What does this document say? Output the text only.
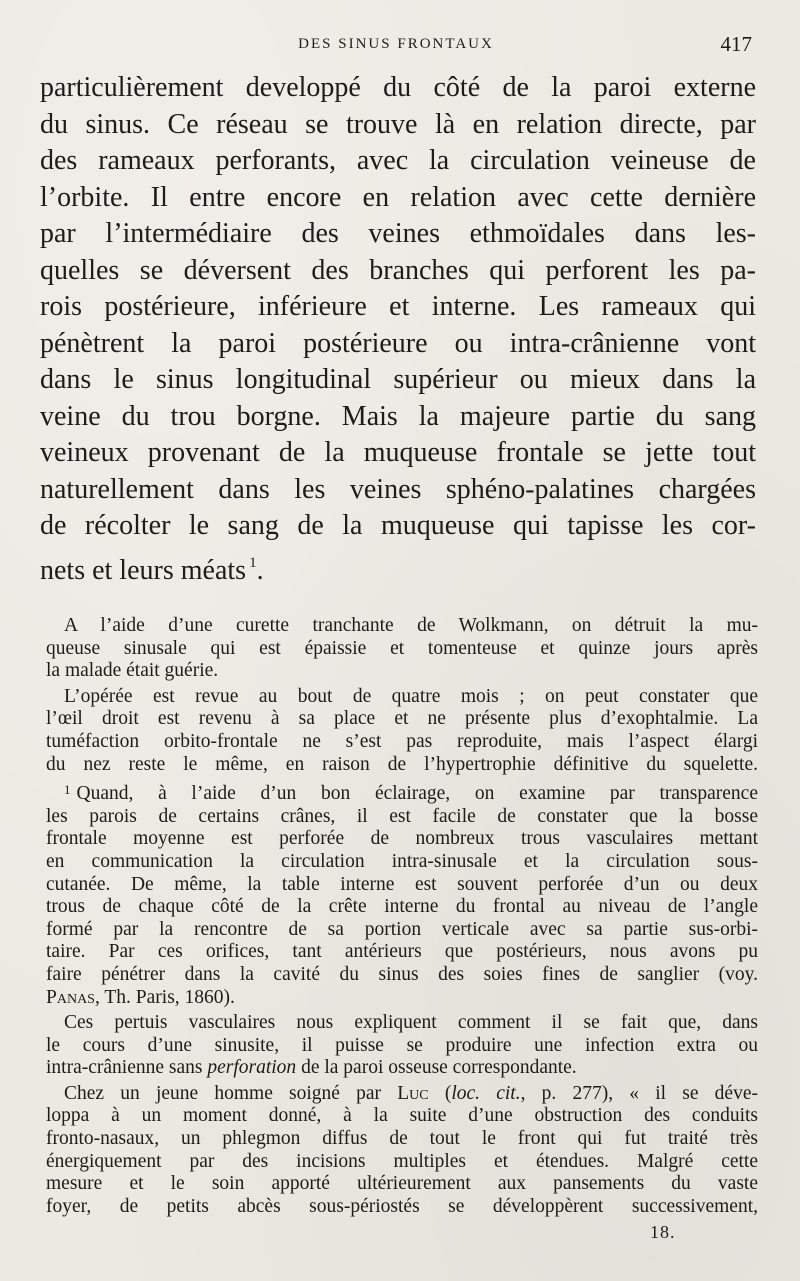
DES SINUS FRONTAUX	417
particulièrement developpé du côté de la paroi externe
du sinus. Ce réseau se trouve là en relation directe, par
des rameaux perforants, avec la circulation veineuse de
l’orbite. Il entre encore en relation avec cette dernière
par l’intermédiaire des veines ethmoïdales dans les-
quelles se déversent des branches qui perforent les pa-
rois postérieure, inférieure et interne. Les rameaux qui
pénètrent la paroi postérieure ou intra-crânienne vont
dans le sinus longitudinal supérieur ou mieux dans la
veine du trou borgne. Mais la majeure partie du sang
veineux provenant de la muqueuse frontale se jette tout
naturellement dans les veines sphéno-palatines chargées
de récolter le sang de la muqueuse qui tapisse les cor-
nets et leurs méats $^1$.
A l’aide d’une curette tranchante de Wolkmann, on détruit la mu-
queuse sinusale qui est épaissie et tomenteuse et quinze jours après
la malade était guérie.
L’opérée est revue au bout de quatre mois ; on peut constater que
l’œil droit est revenu à sa place et ne présente plus d’exophtalmie. La
tuméfaction orbito-frontale ne s’est pas reproduite, mais l’aspect élargi
du nez reste le même, en raison de l’hypertrophie définitive du squelette.
$^1$ Quand, à l’aide d’un bon éclairage, on examine par transparence
les parois de certains crânes, il est facile de constater que la bosse
frontale moyenne est perforée de nombreux trous vasculaires mettant
en communication la circulation intra-sinusale et la circulation sous-
cutanée. De même, la table interne est souvent perforée d’un ou deux
trous de chaque côté de la crête interne du frontal au niveau de l’angle
formé par la rencontre de sa portion verticale avec sa partie sus-orbi-
taire. Par ces orifices, tant antérieurs que postérieurs, nous avons pu
faire pénétrer dans la cavité du sinus des soies fines de sanglier (voy.
Panas, Th. Paris, 1860).
Ces pertuis vasculaires nous expliquent comment il se fait que, dans
le cours d’une sinusite, il puisse se produire une infection extra ou
intra-crânienne sans perforation de la paroi osseuse correspondante.
Chez un jeune homme soigné par Luc (loc. cit., p. 277), « il se déve-
loppa à un moment donné, à la suite d’une obstruction des conduits
fronto-nasaux, un phlegmon diffus de tout le front qui fut traité très
énergiquement par des incisions multiples et étendues. Malgré cette
mesure et le soin apporté ultérieurement aux pansements du vaste
foyer, de petits abcès sous-périostés se développèrent successivement,
18.
